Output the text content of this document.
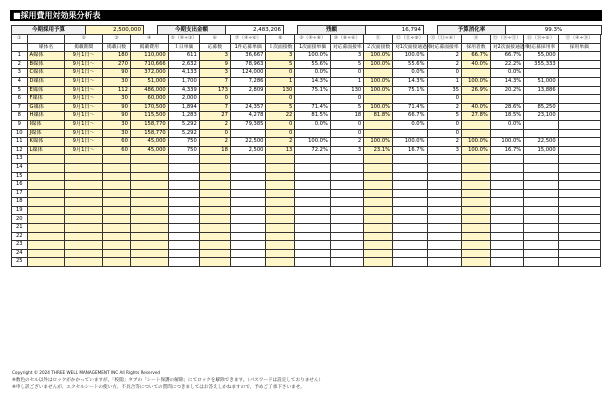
■採用費用対効果分析表
今期採用予算	2,500,000		今期支出金額	2,483,206		残額	16,794		予算消化率	99.3%
①		②	③	④	⑤（④÷③）	⑥	⑦（④÷⑥）	⑧	⑨（④÷⑧）	⑩（⑧÷⑥）	⑪	⑫（⑪÷⑧）	⑬（⑪÷⑥）	⑭	⑮（⑭÷⑪）	⑯（⑭÷⑥）	⑰（④÷⑭）
	媒体名	掲載期間	掲載日数	掲載費用	１日単価	応募数	1件応募単価	１次面接数	1次面接単価	対応募面接率	２次面接数	対1次面接通過率	対応募面接率	採用者数	対2次面接通過率	対応募採用率	採用単価
1	A媒体	9月1日～	180	110,000	611	3	36,667	3	100.0%	3	100.0%	100.0%	2	66.7%	66.7%	55,000	
2	B媒体	9月1日～	270	710,666	2,632	9	78,963	5	55.6%	5	100.0%	55.6%	2	40.0%	22.2%	355,333	
3	C媒体	9月1日～	90	372,000	4,133	3	124,000	0	0.0%	0		0.0%	0		0.0%		
4	D媒体	9月1日～	30	51,000	1,700	7	7,286	1	14.3%	1	100.0%	14.3%	1	100.0%	14.3%	51,000	
5	E媒体	9月1日～	112	486,000	4,339	173	2,809	130	75.1%	130	100.0%	75.1%	35	26.9%	20.2%	13,886	
6	F媒体	9月1日～	30	60,000	2,000	0		0		0			0				
7	G媒体	9月1日～	90	170,500	1,894	7	24,357	5	71.4%	5	100.0%	71.4%	2	40.0%	28.6%	85,250	
8	H媒体	9月1日～	90	115,500	1,283	27	4,278	22	81.5%	18	81.8%	66.7%	5	27.8%	18.5%	23,100	
9	I媒体	9月1日～	30	158,770	5,292	2	79,385	0	0.0%	0		0.0%	0		0.0%		
10	J媒体	9月1日～	30	158,770	5,292	0		0		0			0				
11	K媒体	9月1日～	60	45,000	750	2	22,500	2	100.0%	2	100.0%	100.0%	2	100.0%	100.0%	22,500	
12	L媒体	9月1日～	60	45,000	750	18	2,500	13	72.2%	3	23.1%	16.7%	3	100.0%	16.7%	15,000	
13																	
14																	
15																	
16																	
17																	
18																	
19																	
20																	
21																	
22																	
23																	
24																	
25																	
Copyright © 2024 THREE WELL MANAGEMENT INC All Rights Reserved
※数色のセル以外はロックがかかっていますが、「校閲」タブの「シート保護の解除」にてロックを解除できます。（パスワードは設定しておりません）
※申し訳ございませんが、エクセルシートの使い方、不具合等についての質問につきましてはお答えしかねますので、予めご了承下さいませ。
